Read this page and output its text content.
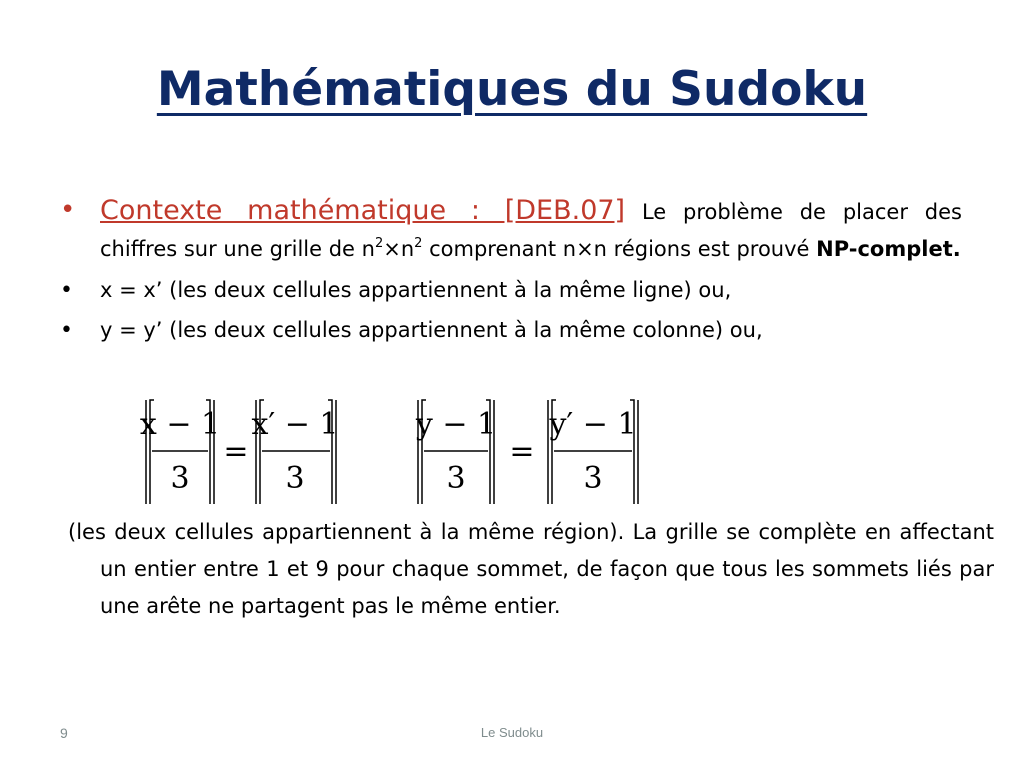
Mathématiques du Sudoku
• Contexte mathématique : [DEB.07] Le problème de placer des chiffres sur une grille de $n^2\times n^2$ comprenant n×n régions est prouvé NP-complet.
• x = x’ (les deux cellules appartiennent à la même ligne) ou,
• y = y’ (les deux cellules appartiennent à la même colonne) ou,
x − 1
3
=
x′ − 1
3
y − 1
3
=
y′ − 1
3
(les deux cellules appartiennent à la même région). La grille se complète en affectant un entier entre 1 et 9 pour chaque sommet, de façon que tous les sommets liés par une arête ne partagent pas le même entier.
9	Le Sudoku
